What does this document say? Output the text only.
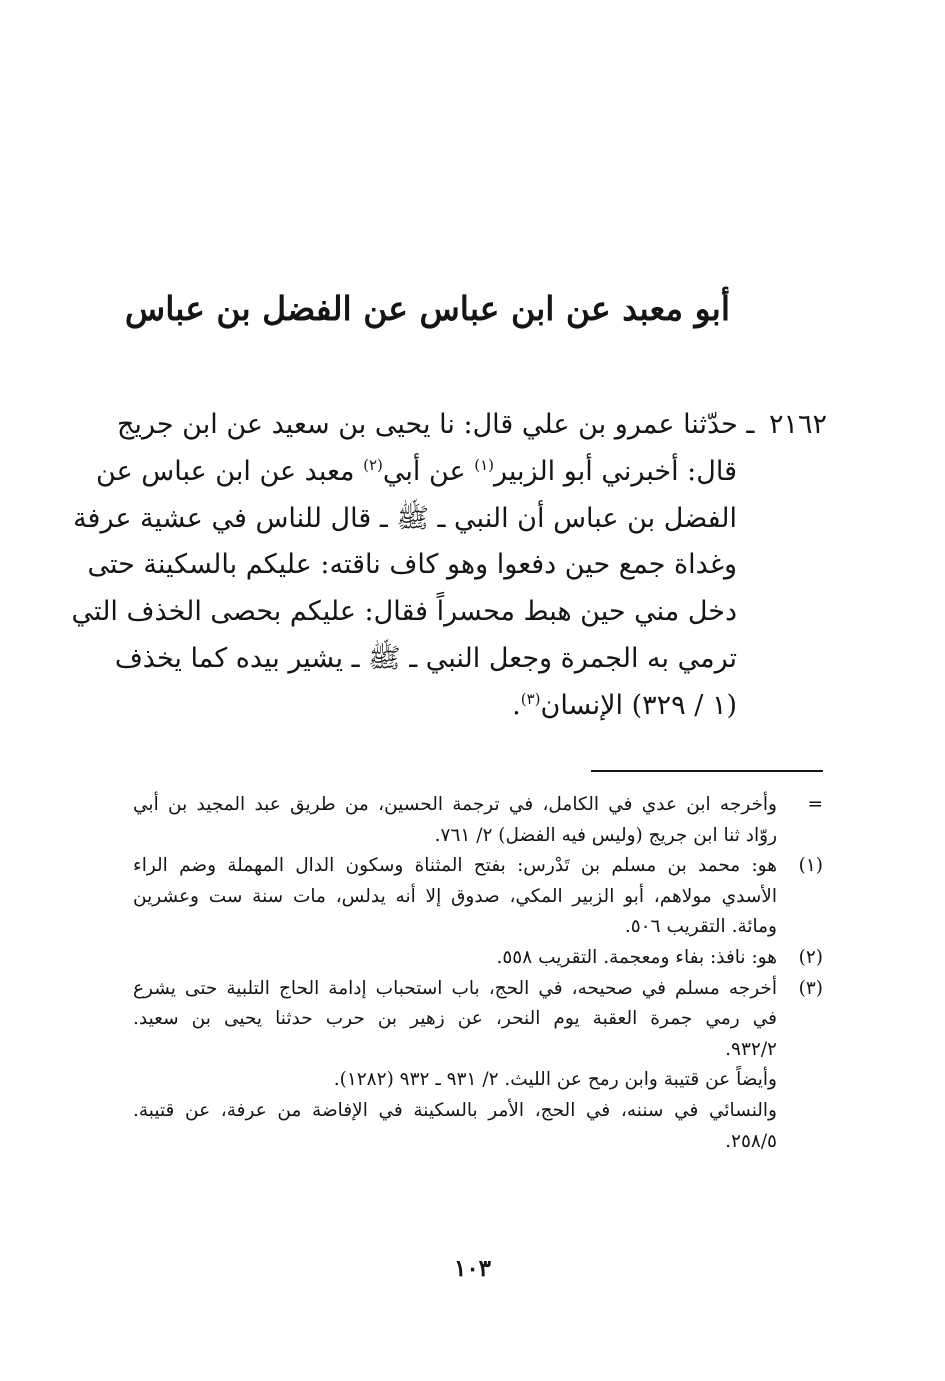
أبو معبد عن ابن عباس عن الفضل بن عباس
٢١٦٢ ـ حدّثنا عمرو بن علي قال: نا يحيى بن سعيد عن ابن جريج
قال: أخبرني أبو الزبير$^{(١)}$ عن أبي$^{(٢)}$ معبد عن ابن عباس عن
الفضل بن عباس أن النبي ـ ﷺ ـ قال للناس في عشية عرفة
وغداة جمع حين دفعوا وهو كاف ناقته: عليكم بالسكينة حتى
دخل مني حين هبط محسراً فقال: عليكم بحصى الخذف التي
ترمي به الجمرة وجعل النبي ـ ﷺ ـ يشير بيده كما يخذف
(١ / ٣٢٩) الإنسان$^{(٣)}$.
=
وأخرجه ابن عدي في الكامل، في ترجمة الحسين، من طريق عبد المجيد بن أبي
روّاد ثنا ابن جريج (وليس فيه الفضل) ٢/ ٧٦١.
(١)
هو: محمد بن مسلم بن تَدْرس: بفتح المثناة وسكون الدال المهملة وضم الراء
الأسدي مولاهم، أبو الزبير المكي، صدوق إلا أنه يدلس، مات سنة ست وعشرين
ومائة. التقريب ٥٠٦.
(٢)
هو: نافذ: بفاء ومعجمة. التقريب ٥٥٨.
(٣)
أخرجه مسلم في صحيحه، في الحج، باب استحباب إدامة الحاج التلبية حتى يشرع
في رمي جمرة العقبة يوم النحر، عن زهير بن حرب حدثنا يحيى بن سعيد.
٩٣٢/٢.
وأيضاً عن قتيبة وابن رمح عن الليث. ٢/ ٩٣١ ـ ٩٣٢ (١٢٨٢).
والنسائي في سننه، في الحج، الأمر بالسكينة في الإفاضة من عرفة، عن قتيبة.
٢٥٨/٥.
١٠٣
